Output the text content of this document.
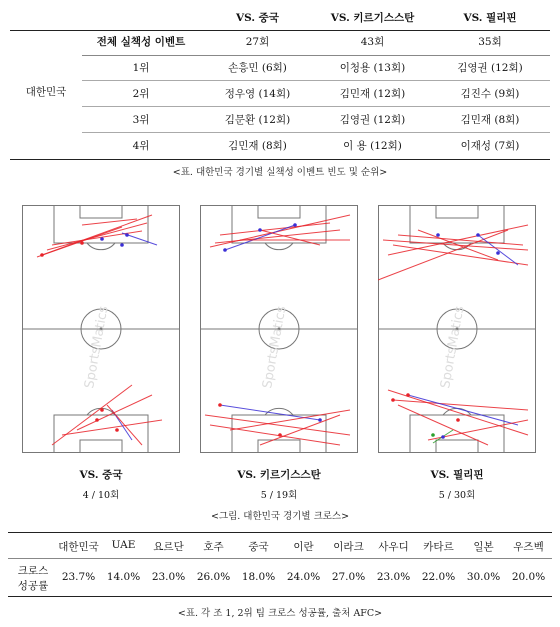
VS. 중국	VS. 키르기스스탄	VS. 필리핀
전체 실책성 이벤트	27회	43회	35회
대한민국
1위	손흥민 (6회)	이청용 (13회)	김영권 (12회)
2위	정우영 (14회)	김민재 (12회)	김진수 (9회)
3위	김문환 (12회)	김영권 (12회)	김민재 (8회)
4위	김민재 (8회)	이 용 (12회)	이재성 (7회)
<표. 대한민국 경기별 실책성 이벤트 빈도 및 순위>
SportsMatics	SportsMatics	SportsMatics
VS. 중국	VS. 키르기스스탄	VS. 필리핀
4 / 10회	5 / 19회	5 / 30회
<그림. 대한민국 경기별 크로스>
대한민국	UAE	요르단	호주	중국	이란	이라크	사우디	카타르	일본	우즈벡
크로스
성공률
23.7%	14.0%	23.0%	26.0%	18.0%	24.0%	27.0%	23.0%	22.0%	30.0%	20.0%
<표. 각 조 1, 2위 팀 크로스 성공률, 출처 AFC>
